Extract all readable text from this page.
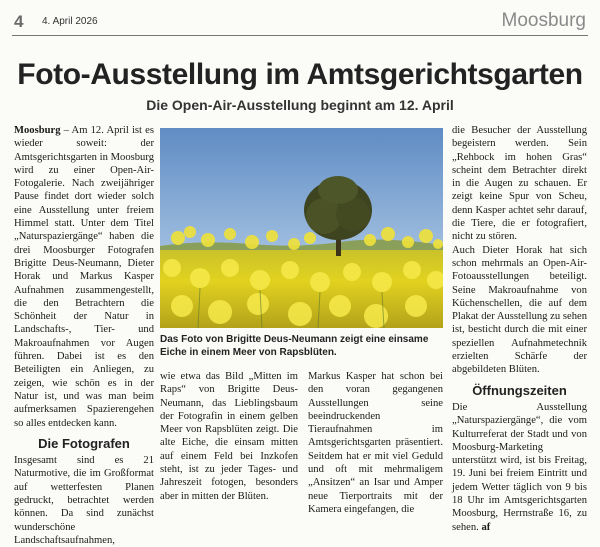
4 4. April 2026	Moosburg
Foto-Ausstellung im Amtsgerichtsgarten
Die Open-Air-Ausstellung beginnt am 12. April

Moosburg – Am 12. April ist es wieder soweit: der Amtsgerichtsgarten in Moosburg wird zu einer Open-Air-Fotogalerie. Nach zweijähriger Pause findet dort wieder solch eine Ausstellung unter freiem Himmel statt. Unter dem Titel „Naturspaziergänge“ haben die drei Moosburger Fotografen Brigitte Deus-Neumann, Dieter Horak und Markus Kasper Aufnahmen zusammengestellt, die den Betrachtern die Schönheit der Natur in Landschafts-, Tier- und Makroaufnahmen vor Augen führen. Dabei ist es den Beteiligten ein Anliegen, zu zeigen, wie schön es in der Natur ist, und was man beim aufmerksamen Spazierengehen so alles entdecken kann.

Die Fotografen

Insgesamt sind es 21 Naturmotive, die im Großformat auf wetterfesten Planen gedruckt, betrachtet werden können. Da sind zunächst wunderschöne Landschaftsaufnahmen,

Das Foto von Brigitte Deus-Neumann zeigt eine einsame Eiche in einem Meer von Rapsblüten.

wie etwa das Bild „Mitten im Raps“ von Brigitte Deus-Neumann, das Lieblingsbaum der Fotografin in einem gelben Meer von Rapsblüten zeigt. Die alte Eiche, die einsam mitten auf einem Feld bei Inzkofen steht, ist zu jeder Tages- und Jahreszeit fotogen, besonders aber in mitten der Blüten.

Markus Kasper hat schon bei den voran gegangenen Ausstellungen seine beeindruckenden Tieraufnahmen im Amtsgerichtsgarten präsentiert. Seitdem hat er mit viel Geduld und oft mit mehrmaligem „Ansitzen“ an Isar und Amper neue Tierportraits mit der Kamera eingefangen, die

die Besucher der Ausstellung begeistern werden. Sein „Rehbock im hohen Gras“ scheint dem Betrachter direkt in die Augen zu schauen. Er zeigt keine Spur von Scheu, denn Kasper achtet sehr darauf, die Tiere, die er fotografiert, nicht zu stören.

Auch Dieter Horak hat sich schon mehrmals an Open-Air-Fotoausstellungen beteiligt. Seine Makroaufnahme von Küchenschellen, die auf dem Plakat der Ausstellung zu sehen ist, besticht durch die mit einer speziellen Aufnahmetechnik erzielten Schärfe der abgebildeten Blüten.

Öffnungszeiten

Die Ausstellung „Naturspaziergänge“, die vom Kulturreferat der Stadt und von Moosburg-Marketing unterstützt wird, ist bis Freitag, 19. Juni bei freiem Eintritt und jedem Wetter täglich von 9 bis 18 Uhr im Amtsgerichtsgarten Moosburg, Herrnstraße 16, zu sehen. af
